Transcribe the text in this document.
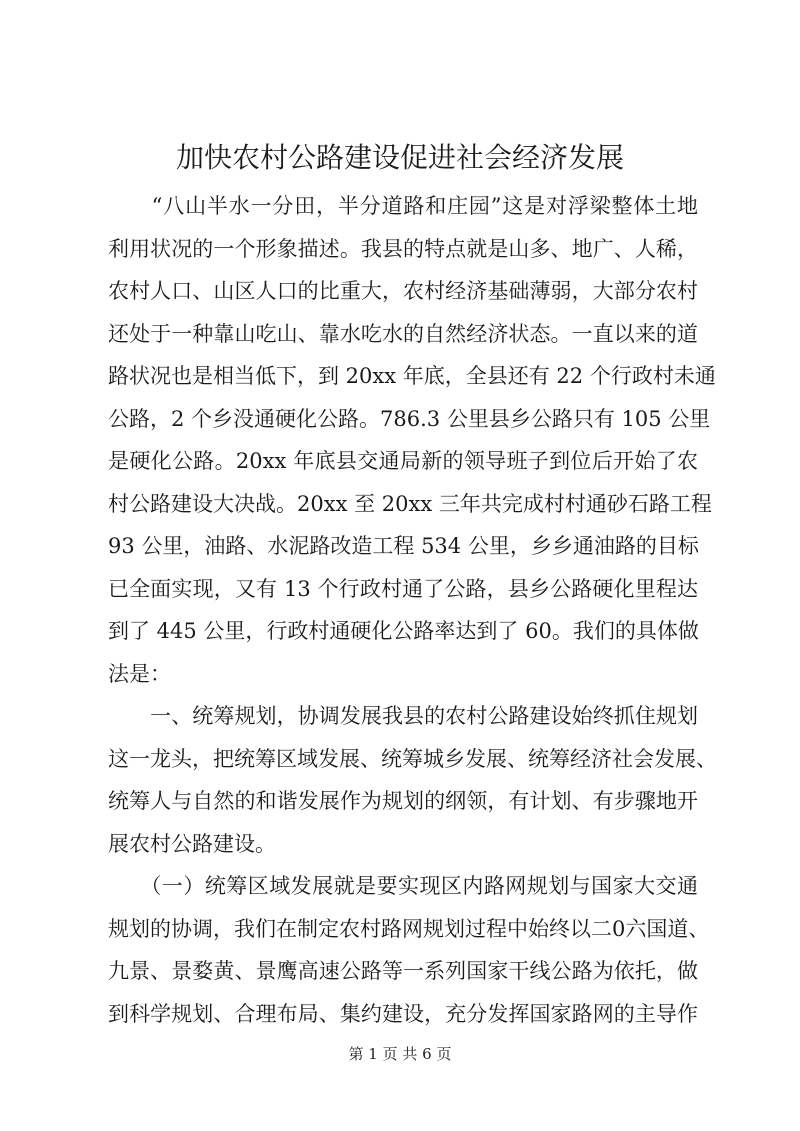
加快农村公路建设促进社会经济发展

　　“八山半水一分田，半分道路和庄园”这是对浮梁整体土地

利用状况的一个形象描述。我县的特点就是山多、地广、人稀，

农村人口、山区人口的比重大，农村经济基础薄弱，大部分农村

还处于一种靠山吃山、靠水吃水的自然经济状态。一直以来的道

路状况也是相当低下，到 20xx 年底，全县还有 22 个行政村未通

公路，2 个乡没通硬化公路。786.3 公里县乡公路只有 105 公里

是硬化公路。20xx 年底县交通局新的领导班子到位后开始了农

村公路建设大决战。20xx 至 20xx 三年共完成村村通砂石路工程

93 公里，油路、水泥路改造工程 534 公里，乡乡通油路的目标

已全面实现，又有 13 个行政村通了公路，县乡公路硬化里程达

到了 445 公里，行政村通硬化公路率达到了 60。我们的具体做

法是：

　　一、统筹规划，协调发展我县的农村公路建设始终抓住规划

这一龙头，把统筹区域发展、统筹城乡发展、统筹经济社会发展、

统筹人与自然的和谐发展作为规划的纲领，有计划、有步骤地开

展农村公路建设。

　　（一）统筹区域发展就是要实现区内路网规划与国家大交通

规划的协调，我们在制定农村路网规划过程中始终以二0六国道、

九景、景婺黄、景鹰高速公路等一系列国家干线公路为依托，做

到科学规划、合理布局、集约建设，充分发挥国家路网的主导作

第 1 页 共 6 页
